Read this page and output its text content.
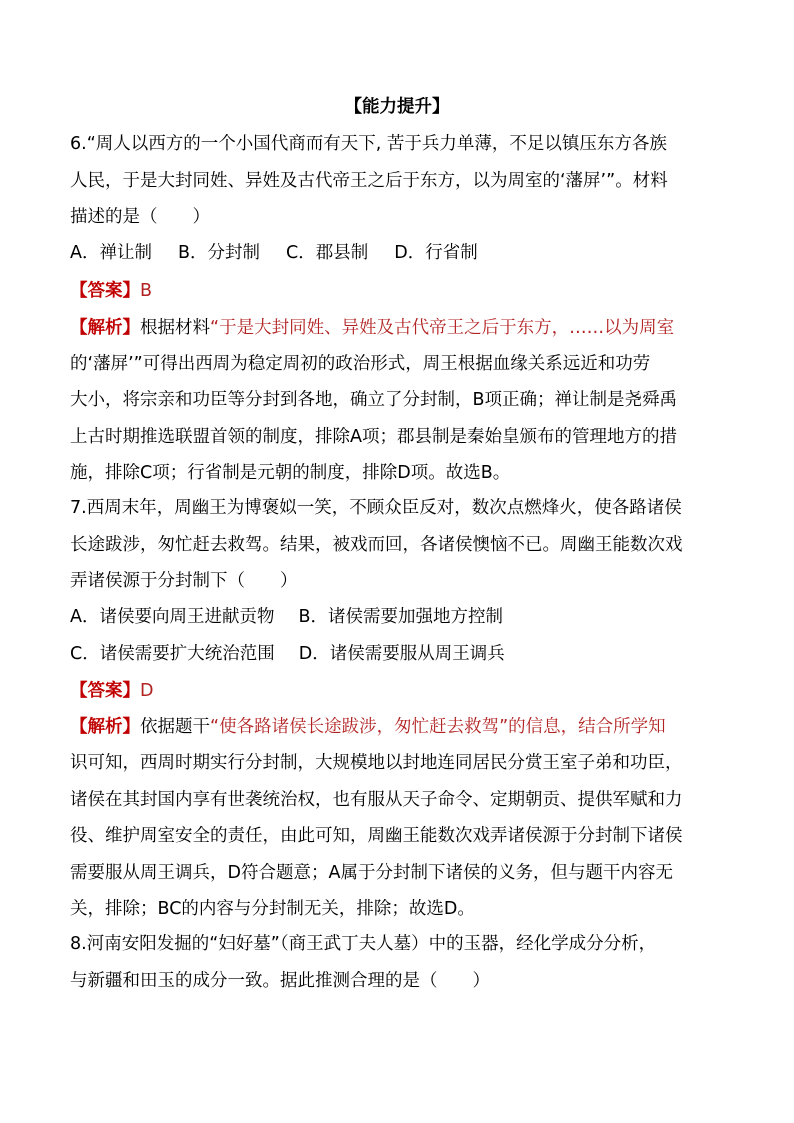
【能力提升】
6.“周人以西方的一个小国代商而有天下, 苦于兵力单薄，不足以镇压东方各族
人民，于是大封同姓、异姓及古代帝王之后于东方，以为周室的‘藩屏’”。材料
描述的是（　　）
A．禅让制 B．分封制 C．郡县制 D．行省制
【答案】B
【解析】根据材料“于是大封同姓、异姓及古代帝王之后于东方，……以为周室
的‘藩屏’”可得出西周为稳定周初的政治形式，周王根据血缘关系远近和功劳
大小，将宗亲和功臣等分封到各地，确立了分封制，B项正确；禅让制是尧舜禹
上古时期推选联盟首领的制度，排除A项；郡县制是秦始皇颁布的管理地方的措
施，排除C项；行省制是元朝的制度，排除D项。故选B。
7.西周末年，周幽王为博褒姒一笑，不顾众臣反对，数次点燃烽火，使各路诸侯
长途跋涉，匆忙赶去救驾。结果，被戏而回，各诸侯懊恼不已。周幽王能数次戏
弄诸侯源于分封制下（　　）
A．诸侯要向周王进献贡物 B．诸侯需要加强地方控制
C．诸侯需要扩大统治范围 D．诸侯需要服从周王调兵
【答案】D
【解析】依据题干“使各路诸侯长途跋涉，匆忙赶去救驾”的信息，结合所学知
识可知，西周时期实行分封制，大规模地以封地连同居民分赏王室子弟和功臣，
诸侯在其封国内享有世袭统治权，也有服从天子命令、定期朝贡、提供军赋和力
役、维护周室安全的责任，由此可知，周幽王能数次戏弄诸侯源于分封制下诸侯
需要服从周王调兵，D符合题意；A属于分封制下诸侯的义务，但与题干内容无
关，排除；BC的内容与分封制无关，排除；故选D。
8.河南安阳发掘的“妇好墓”（商王武丁夫人墓）中的玉器，经化学成分分析，
与新疆和田玉的成分一致。据此推测合理的是（　　）
